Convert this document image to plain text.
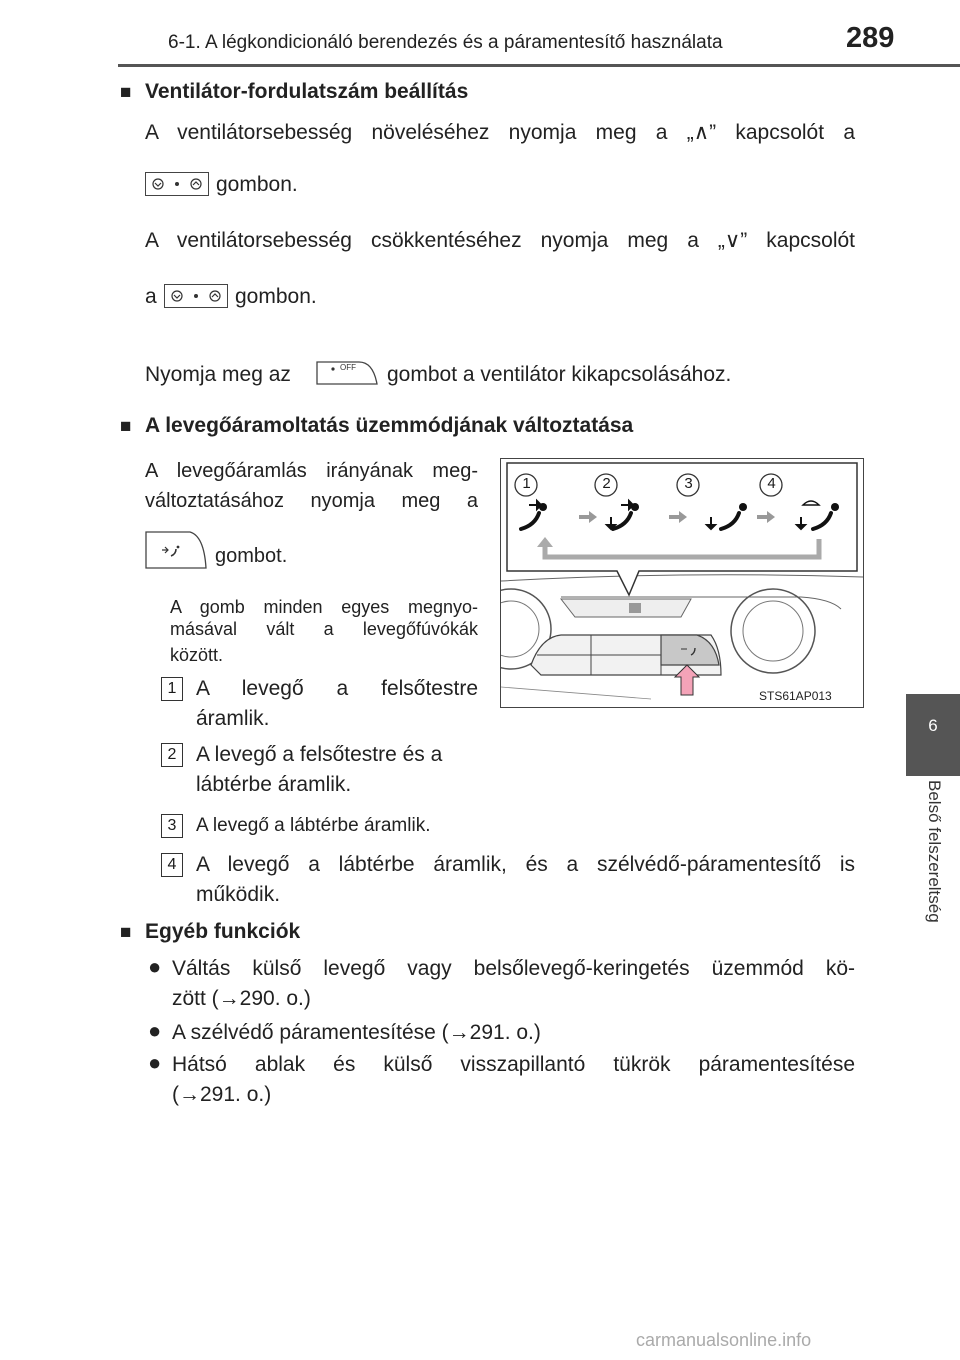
6-1. A légkondicionáló berendezés és a páramentesítő használata	289
6
Belső felszereltség
■ Ventilátor-fordulatszám beállítás
A ventilátorsebesség növeléséhez nyomja meg a „∧” kapcsolót a
gombon.
A ventilátorsebesség csökkentéséhez nyomja meg a „∨” kapcsolót
a	gombon.
Nyomja meg az	OFF gombot a ventilátor kikapcsolásához.
■ A levegőáramoltatás üzemmódjának változtatása
A levegőáramlás irányának meg-
változtatásához nyomja meg a
gombot.
A gomb minden egyes megnyo-
másával vált a levegőfúvókák
között.
1 A levegő a felsőtestre
áramlik.
2 A levegő a felsőtestre és a
lábtérbe áramlik.
3	A levegő a lábtérbe áramlik.
4 A levegő a lábtérbe áramlik, és a szélvédő-páramentesítő is
működik.
1	2	3	4
STS61AP013
■ Egyéb funkciók
● Váltás külső levegő vagy belsőlevegő-keringetés üzemmód kö-
zött (→290. o.)
● A szélvédő páramentesítése (→291. o.)
● Hátsó ablak és külső visszapillantó tükrök páramentesítése
(→291. o.)
carmanualsonline.info
